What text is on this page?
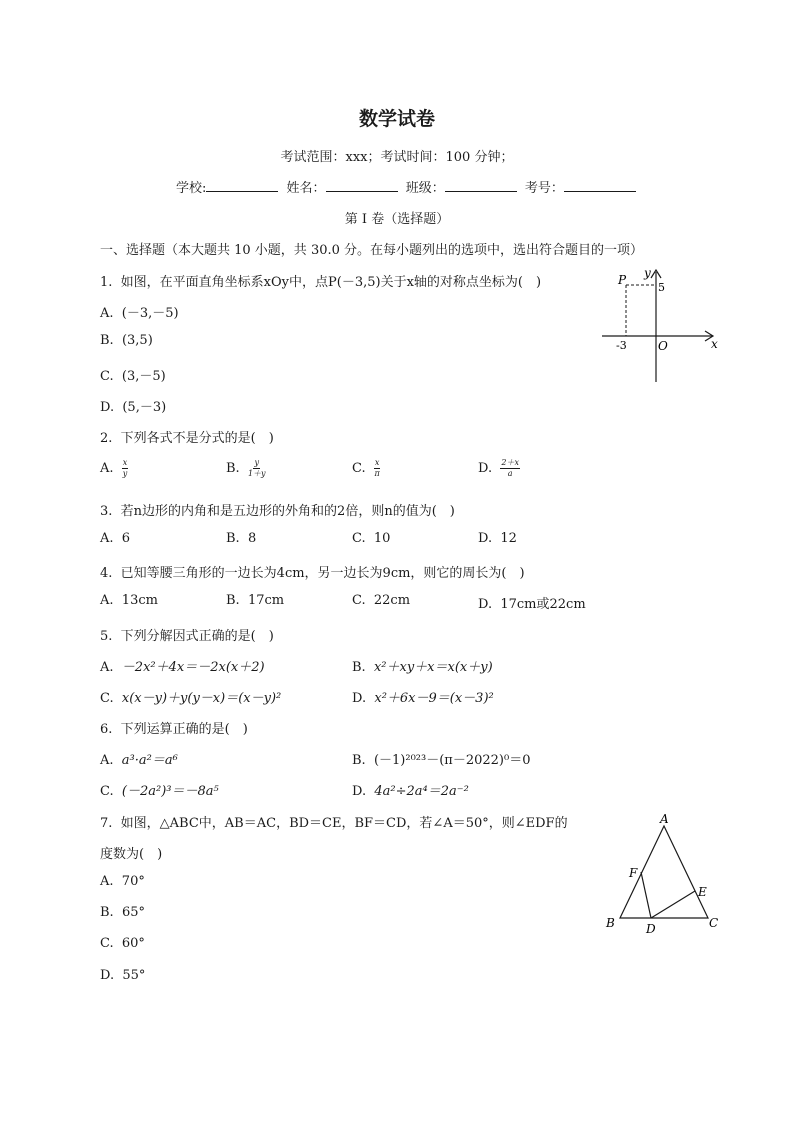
数学试卷
考试范围：xxx；考试时间：100 分钟；
学校:	姓名：	班级：	考号：
第 I 卷（选择题）
一、选择题（本大题共 10 小题，共 30.0 分。在每小题列出的选项中，选出符合题目的一项）
1. 如图，在平面直角坐标系xOy中，点P(－3,5)关于x轴的对称点坐标为(　)
A. (－3,－5)
B. (3,5)
C. (3,－5)
D. (5,－3)
P y
5
-3	O	x
2. 下列各式不是分式的是(　)
A. $\frac{x}{y}$	B. $\frac{y}{1+y}$	C. $\frac{x}{\pi}$	D. $\frac{2+x}{a}$
3. 若n边形的内角和是五边形的外角和的2倍，则n的值为(　)
A. 6	B. 8	C. 10	D. 12
4. 已知等腰三角形的一边长为4cm，另一边长为9cm，则它的周长为(　)
A. 13cm	B. 17cm	C. 22cm	D. 17cm或22cm
5. 下列分解因式正确的是(　)
A. －2x²＋4x＝－2x(x＋2)	B. x²＋xy＋x＝x(x＋y)
C. x(x－y)＋y(y－x)＝(x－y)²	D. x²＋6x－9＝(x－3)²
6. 下列运算正确的是(　)
A. a³·a²＝a⁶	B. (－1)²⁰²³－(π－2022)⁰＝0
C. (－2a²)³＝－8a⁵	D. 4a²÷2a⁴＝2a⁻²
7. 如图，△ABC中，AB＝AC，BD＝CE，BF＝CD，若∠A＝50°，则∠EDF的
度数为(　)
A. 70°
B. 65°
C. 60°
D. 55°
A
F
E
B	D	C
